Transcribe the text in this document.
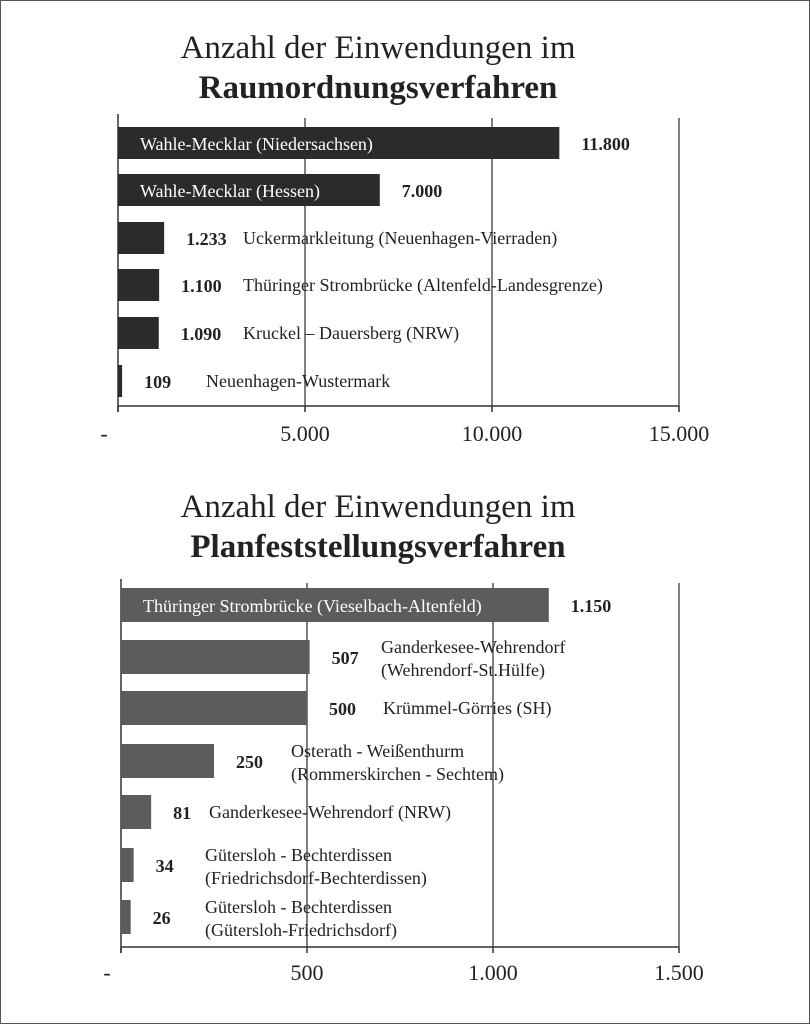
Anzahl der Einwendungen im
Raumordnungsverfahren
-	5.000	10.000	15.000
11.800
Wahle-Mecklar (Niedersachsen)
7.000
Wahle-Mecklar (Hessen)
1.233 Uckermarkleitung (Neuenhagen-Vierraden)
1.100 Thüringer Strombrücke (Altenfeld-Landesgrenze)
1.090 Kruckel – Dauersberg (NRW)
109 Neuenhagen-Wustermark
Anzahl der Einwendungen im
Planfeststellungsverfahren
-	500	1.000	1.500
1.150
Thüringer Strombrücke (Vieselbach-Altenfeld)
507
Ganderkesee-Wehrendorf
(Wehrendorf-St.Hülfe)
500 Krümmel-Görries (SH)
250
Osterath - Weißenthurm
(Rommerskirchen - Sechtem)
81 Ganderkesee-Wehrendorf (NRW)
34
Gütersloh - Bechterdissen
(Friedrichsdorf-Bechterdissen)
26
Gütersloh - Bechterdissen
(Gütersloh-Friedrichsdorf)
